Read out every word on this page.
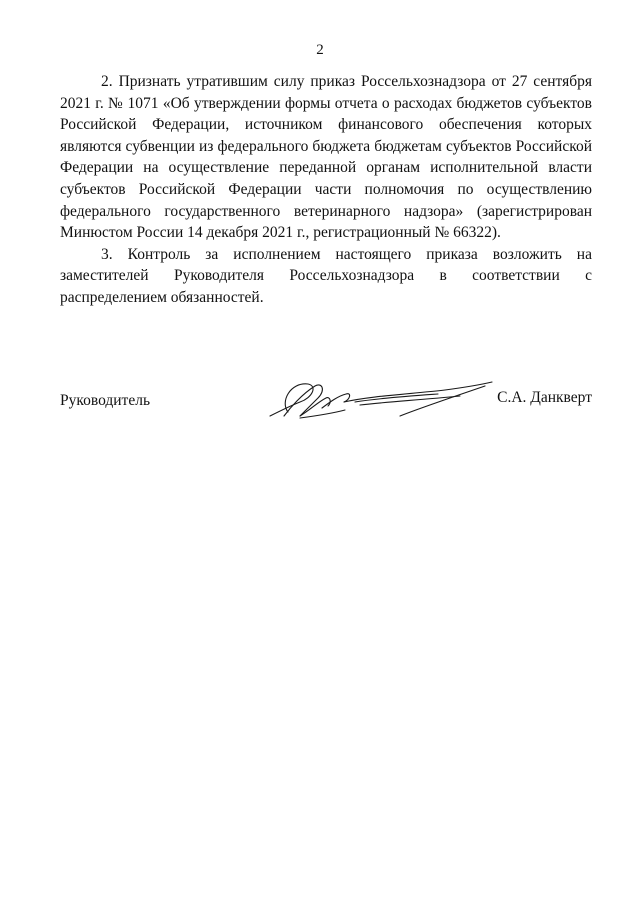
2

2. Признать утратившим силу приказ Россельхознадзора от 27 сентября 2021 г. № 1071 «Об утверждении формы отчета о расходах бюджетов субъектов Российской Федерации, источником финансового обеспечения которых являются субвенции из федерального бюджета бюджетам субъектов Российской Федерации на осуществление переданной органам исполнительной власти субъектов Российской Федерации части полномочия по осуществлению федерального государственного ветеринарного надзора» (зарегистрирован Минюстом России 14 декабря 2021 г., регистрационный № 66322).

3. Контроль за исполнением настоящего приказа возложить на заместителей Руководителя Россельхознадзора в соответствии с распределением обязанностей.

Руководитель	С.А. Данкверт
